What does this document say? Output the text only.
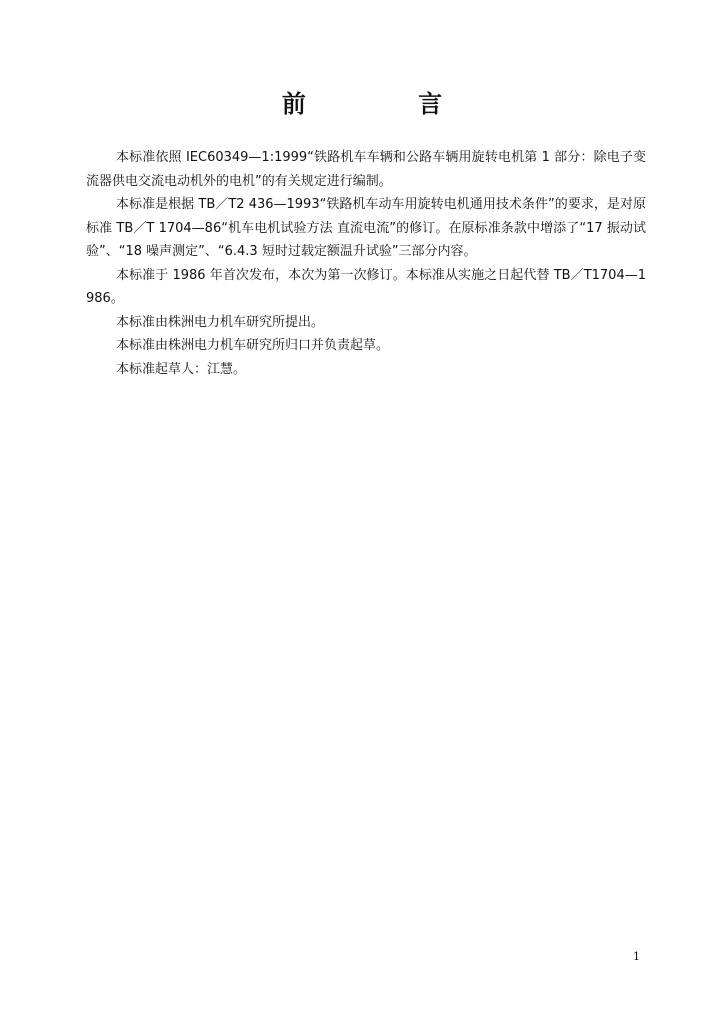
前 言

本标准依照 IEC60349—1:1999“铁路机车车辆和公路车辆用旋转电机第 1 部分：除电子变流器供电交流电动机外的电机”的有关规定进行编制。

本标准是根据 TB／T2 436—1993“铁路机车动车用旋转电机通用技术条件”的要求，是对原标准 TB／T 1704—86“机车电机试验方法 直流电流”的修订。在原标准条款中增添了“17 振动试验”、“18 噪声测定”、“6.4.3 短时过载定额温升试验”三部分内容。

本标准于 1986 年首次发布，本次为第一次修订。本标准从实施之日起代替 TB／T1704—1986。

本标准由株洲电力机车研究所提出。

本标准由株洲电力机车研究所归口并负责起草。

本标准起草人：江慧。

1
